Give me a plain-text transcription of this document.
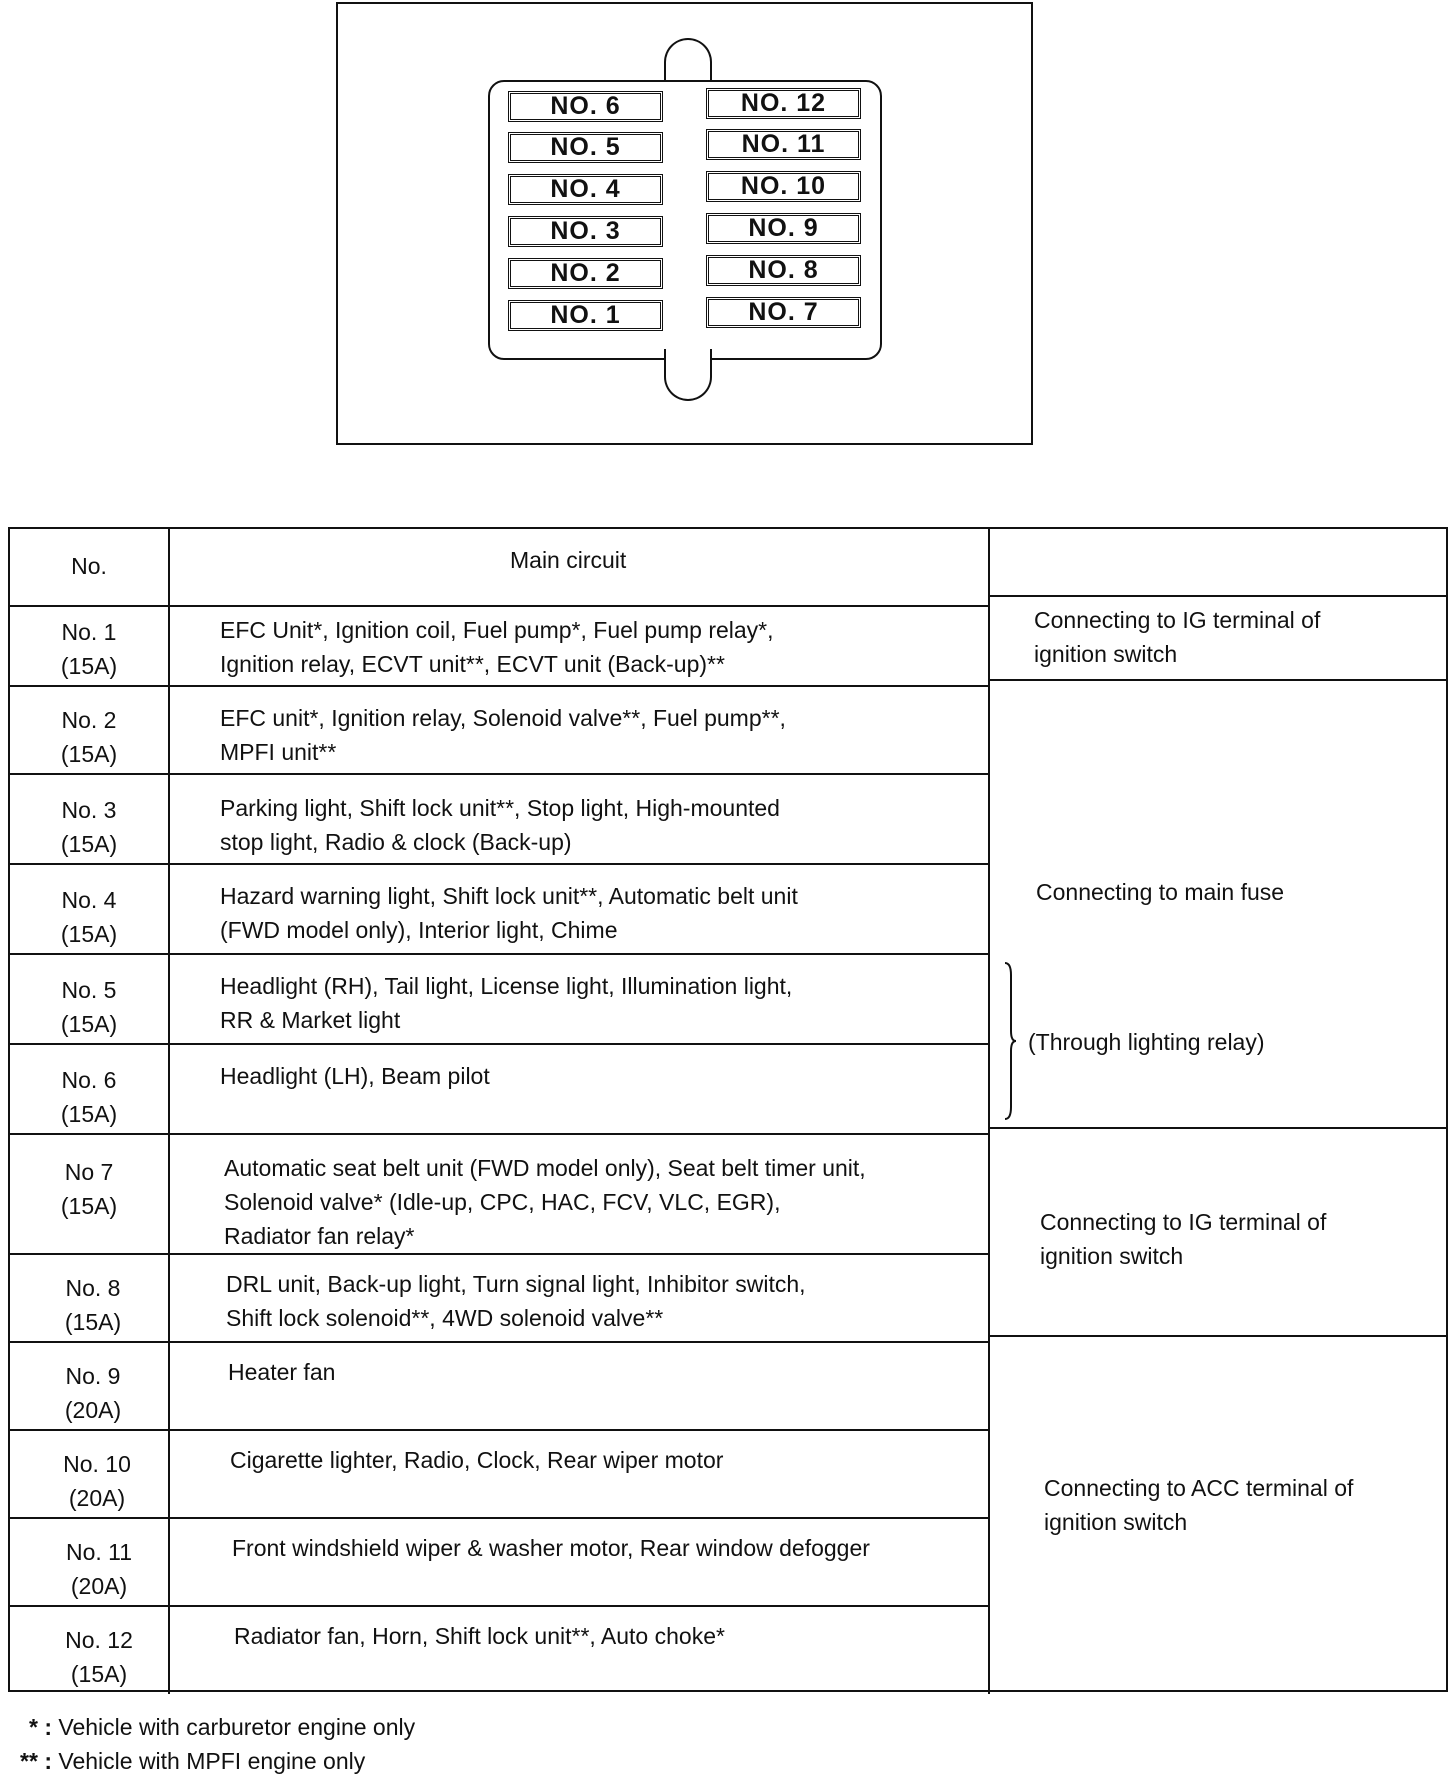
NO. 6
NO. 5
NO. 4
NO. 3
NO. 2
NO. 1
NO. 12
NO. 11
NO. 10
NO. 9
NO. 8
NO. 7
No.	Main circuit
No. 1
(15A)
EFC Unit*, Ignition coil, Fuel pump*, Fuel pump relay*,
Ignition relay, ECVT unit**, ECVT unit (Back-up)**
No. 2
(15A)
EFC unit*, Ignition relay, Solenoid valve**, Fuel pump**,
MPFI unit**
No. 3
(15A)
Parking light, Shift lock unit**, Stop light, High-mounted
stop light, Radio & clock (Back-up)
No. 4
(15A)
Hazard warning light, Shift lock unit**, Automatic belt unit
(FWD model only), Interior light, Chime
No. 5
(15A)
Headlight (RH), Tail light, License light, Illumination light,
RR & Market light
No. 6
(15A)
Headlight (LH), Beam pilot
No 7
(15A)
Automatic seat belt unit (FWD model only), Seat belt timer unit,
Solenoid valve* (Idle-up, CPC, HAC, FCV, VLC, EGR),
Radiator fan relay*
No. 8
(15A)
DRL unit, Back-up light, Turn signal light, Inhibitor switch,
Shift lock solenoid**, 4WD solenoid valve**
No. 9
(20A)
Heater fan
No. 10
(20A)
Cigarette lighter, Radio, Clock, Rear wiper motor
No. 11
(20A)
Front windshield wiper & washer motor, Rear window defogger
No. 12
(15A)
Radiator fan, Horn, Shift lock unit**, Auto choke*
Connecting to IG terminal of
ignition switch
Connecting to main fuse
(Through lighting relay)
Connecting to IG terminal of
ignition switch
Connecting to ACC terminal of
ignition switch
* : Vehicle with carburetor engine only
** : Vehicle with MPFI engine only
